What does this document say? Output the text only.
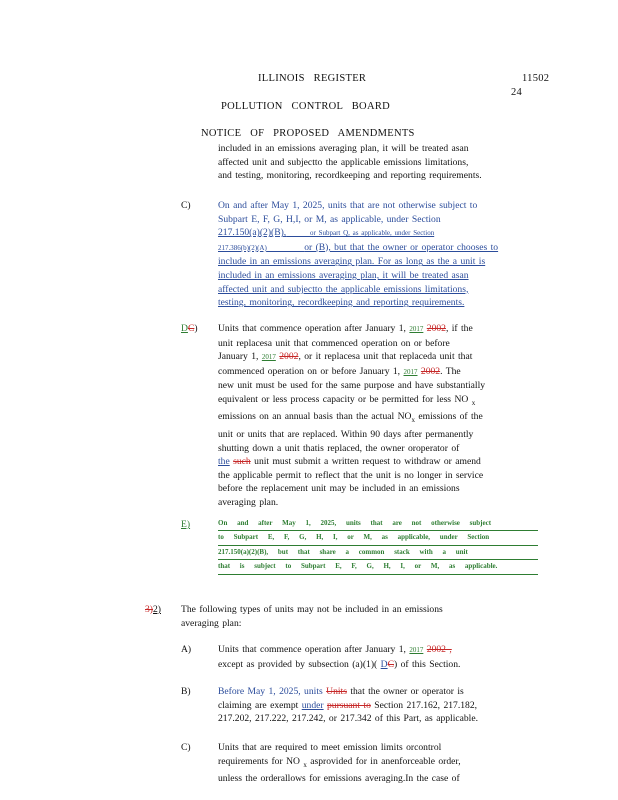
ILLINOIS REGISTER	11502
24
POLLUTION CONTROL BOARD
NOTICE OF PROPOSED AMENDMENTS
included in an emissions averaging plan, it will be treated asan
affected unit and subjectto the applicable emissions limitations,
and testing, monitoring, recordkeeping and reporting requirements.
C)	On and after May 1, 2025, units that are not otherwise subject to
Subpart E, F, G, H,I, or M, as applicable, under Section
217.150(a)(2)(B),	or Subpart Q, as applicable, under Section
217.386(b)(2)(A)	or (B), but that the owner or operator chooses to
include in an emissions averaging plan. For as long as the a unit is
included in an emissions averaging plan, it will be treated asan
affected unit and subjectto the applicable emissions limitations,
testing, monitoring, recordkeeping and reporting requirements.
DC) Units that commence operation after January 1, 2017 2002, if the
unit replacesa unit that commenced operation on or before
January 1, 2017 2002, or it replacesa unit that replaceda unit that
commenced operation on or before January 1, 2017 2002. The
new unit must be used for the same purpose and have substantially
equivalent or less process capacity or be permitted for less NO $_x$
emissions on an annual basis than the actual $NO_x$ emissions of the
unit or units that are replaced. Within 90 days after permanently
shutting down a unit thatis replaced, the owner oroperator of
the such unit must submit a written request to withdraw or amend
the applicable permit to reflect that the unit is no longer in service
before the replacement unit may be included in an emissions
averaging plan.
E)	On and after May 1, 2025, units that are not otherwise subject
to Subpart E, F, G, H, I, or M, as applicable, under Section
217.150(a)(2)(B), but that share a common stack with a unit
that is subject to Subpart E, F, G, H, I, or M, as applicable.
3)2) The following types of units may not be included in an emissions
averaging plan:
A)	Units that commence operation after January 1, 2017 2002 ,
except as provided by subsection (a)(1)( DC) of this Section.
B)	Before May 1, 2025, units Units that the owner or operator is
claiming are exempt under pursuant to Section 217.162, 217.182,
217.202, 217.222, 217.242, or 217.342 of this Part, as applicable.
C)	Units that are required to meet emission limits orcontrol
requirements for NO $_x$ asprovided for in anenforceable order,
unless the orderallows for emissions averaging.In the case of
